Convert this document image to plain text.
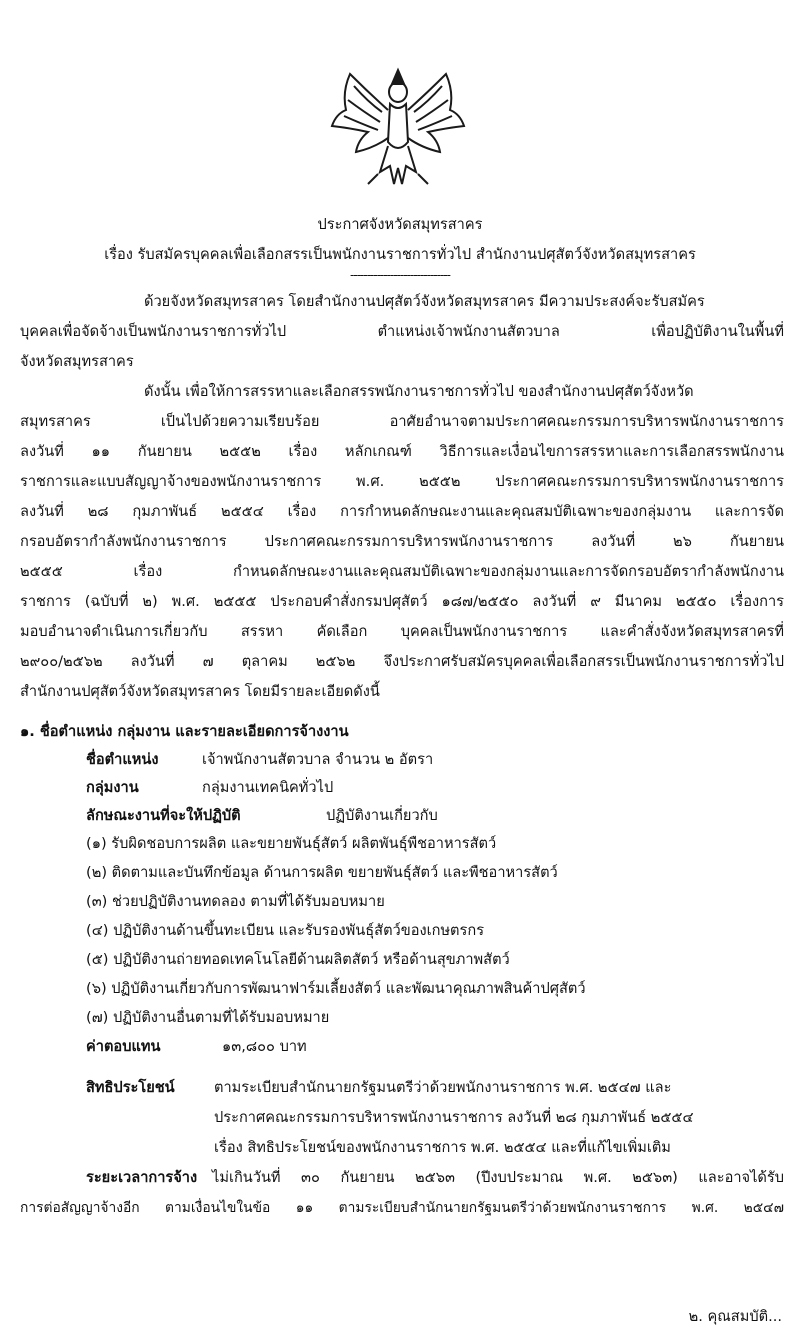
ประกาศจังหวัดสมุทรสาคร
เรื่อง รับสมัครบุคคลเพื่อเลือกสรรเป็นพนักงานราชการทั่วไป สำนักงานปศุสัตว์จังหวัดสมุทรสาคร
------------------------------
ด้วยจังหวัดสมุทรสาคร โดยสำนักงานปศุสัตว์จังหวัดสมุทรสาคร มีความประสงค์จะรับสมัคร
บุคคลเพื่อจัดจ้างเป็นพนักงานราชการทั่วไป ตำแหน่งเจ้าพนักงานสัตวบาล เพื่อปฏิบัติงานในพื้นที่
จังหวัดสมุทรสาคร
ดังนั้น เพื่อให้การสรรหาและเลือกสรรพนักงานราชการทั่วไป ของสำนักงานปศุสัตว์จังหวัด
สมุทรสาคร เป็นไปด้วยความเรียบร้อย อาศัยอำนาจตามประกาศคณะกรรมการบริหารพนักงานราชการ
ลงวันที่ ๑๑ กันยายน ๒๕๕๒ เรื่อง หลักเกณฑ์ วิธีการและเงื่อนไขการสรรหาและการเลือกสรรพนักงาน
ราชการและแบบสัญญาจ้างของพนักงานราชการ พ.ศ. ๒๕๕๒ ประกาศคณะกรรมการบริหารพนักงานราชการ
ลงวันที่ ๒๘ กุมภาพันธ์ ๒๕๕๔ เรื่อง การกำหนดลักษณะงานและคุณสมบัติเฉพาะของกลุ่มงาน และการจัด
กรอบอัตรากำลังพนักงานราชการ ประกาศคณะกรรมการบริหารพนักงานราชการ ลงวันที่ ๒๖ กันยายน
๒๕๕๕ เรื่อง กำหนดลักษณะงานและคุณสมบัติเฉพาะของกลุ่มงานและการจัดกรอบอัตรากำลังพนักงาน
ราชการ (ฉบับที่ ๒) พ.ศ. ๒๕๕๕ ประกอบคำสั่งกรมปศุสัตว์ ๑๘๗/๒๕๕๐ ลงวันที่ ๙ มีนาคม ๒๕๕๐ เรื่องการ
มอบอำนาจดำเนินการเกี่ยวกับ สรรหา คัดเลือก บุคคลเป็นพนักงานราชการ และคำสั่งจังหวัดสมุทรสาครที่
๒๙๐๐/๒๕๖๒ ลงวันที่ ๗ ตุลาคม ๒๕๖๒ จึงประกาศรับสมัครบุคคลเพื่อเลือกสรรเป็นพนักงานราชการทั่วไป
สำนักงานปศุสัตว์จังหวัดสมุทรสาคร โดยมีรายละเอียดดังนี้
๑. ชื่อตำแหน่ง กลุ่มงาน และรายละเอียดการจ้างงาน
ชื่อตำแหน่ง	เจ้าพนักงานสัตวบาล จำนวน ๒ อัตรา
กลุ่มงาน	กลุ่มงานเทคนิคทั่วไป
ลักษณะงานที่จะให้ปฏิบัติ	ปฏิบัติงานเกี่ยวกับ
(๑) รับผิดชอบการผลิต และขยายพันธุ์สัตว์ ผลิตพันธุ์พืชอาหารสัตว์
(๒) ติดตามและบันทึกข้อมูล ด้านการผลิต ขยายพันธุ์สัตว์ และพืชอาหารสัตว์
(๓) ช่วยปฏิบัติงานทดลอง ตามที่ได้รับมอบหมาย
(๔) ปฏิบัติงานด้านขึ้นทะเบียน และรับรองพันธุ์สัตว์ของเกษตรกร
(๕) ปฏิบัติงานถ่ายทอดเทคโนโลยีด้านผลิตสัตว์ หรือด้านสุขภาพสัตว์
(๖) ปฏิบัติงานเกี่ยวกับการพัฒนาฟาร์มเลี้ยงสัตว์ และพัฒนาคุณภาพสินค้าปศุสัตว์
(๗) ปฏิบัติงานอื่นตามที่ได้รับมอบหมาย
ค่าตอบแทน	๑๓,๘๐๐ บาท
สิทธิประโยชน์	ตามระเบียบสำนักนายกรัฐมนตรีว่าด้วยพนักงานราชการ พ.ศ. ๒๕๔๗ และ
ประกาศคณะกรรมการบริหารพนักงานราชการ ลงวันที่ ๒๘ กุมภาพันธ์ ๒๕๕๔
เรื่อง สิทธิประโยชน์ของพนักงานราชการ พ.ศ. ๒๕๕๔ และที่แก้ไขเพิ่มเติม
ระยะเวลาการจ้าง ไม่เกินวันที่ ๓๐ กันยายน ๒๕๖๓ (ปีงบประมาณ พ.ศ. ๒๕๖๓) และอาจได้รับ
การต่อสัญญาจ้างอีก ตามเงื่อนไขในข้อ ๑๑ ตามระเบียบสำนักนายกรัฐมนตรีว่าด้วยพนักงานราชการ พ.ศ. ๒๕๔๗
๒. คุณสมบัติ...
